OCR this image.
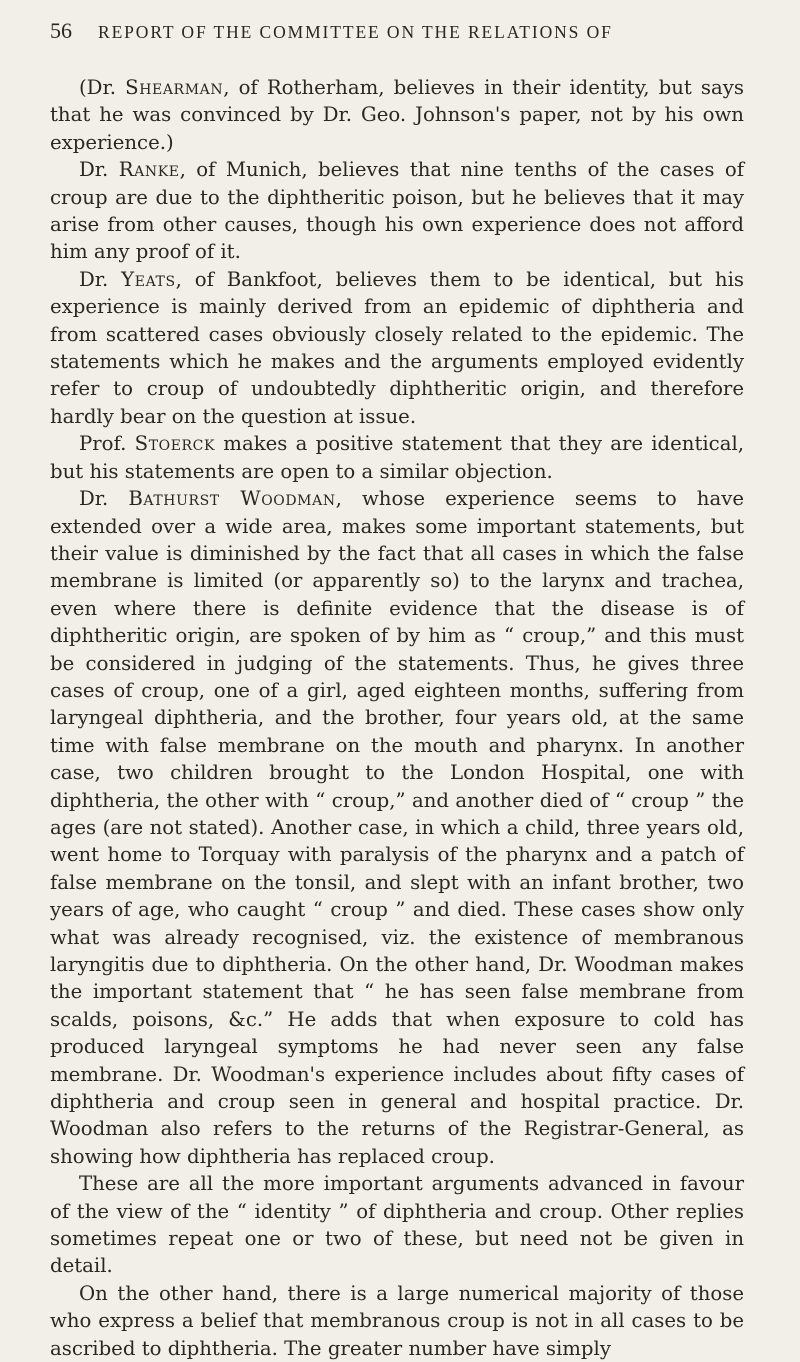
56	REPORT OF THE COMMITTEE ON THE RELATIONS OF

(Dr. Shearman, of Rotherham, believes in their identity, but says that he was convinced by Dr. Geo. Johnson's paper, not by his own experience.)

Dr. Ranke, of Munich, believes that nine tenths of the cases of croup are due to the diphtheritic poison, but he believes that it may arise from other causes, though his own experience does not afford him any proof of it.

Dr. Yeats, of Bankfoot, believes them to be identical, but his experience is mainly derived from an epidemic of diphtheria and from scattered cases obviously closely related to the epidemic. The statements which he makes and the arguments employed evidently refer to croup of undoubtedly diphtheritic origin, and therefore hardly bear on the question at issue.

Prof. Stoerck makes a positive statement that they are identical, but his statements are open to a similar objection.

Dr. Bathurst Woodman, whose experience seems to have extended over a wide area, makes some important statements, but their value is diminished by the fact that all cases in which the false membrane is limited (or apparently so) to the larynx and trachea, even where there is definite evidence that the disease is of diphtheritic origin, are spoken of by him as “ croup,” and this must be considered in judging of the statements. Thus, he gives three cases of croup, one of a girl, aged eighteen months, suffering from laryngeal diphtheria, and the brother, four years old, at the same time with false membrane on the mouth and pharynx. In another case, two children brought to the London Hospital, one with diphtheria, the other with “ croup,” and another died of “ croup ” the ages (are not stated). Another case, in which a child, three years old, went home to Torquay with paralysis of the pharynx and a patch of false membrane on the tonsil, and slept with an infant brother, two years of age, who caught “ croup ” and died. These cases show only what was already recognised, viz. the existence of membranous laryngitis due to diphtheria. On the other hand, Dr. Woodman makes the important statement that “ he has seen false membrane from scalds, poisons, &c.” He adds that when exposure to cold has produced laryngeal symptoms he had never seen any false membrane. Dr. Woodman's experience includes about fifty cases of diphtheria and croup seen in general and hospital practice. Dr. Woodman also refers to the returns of the Registrar-General, as showing how diphtheria has replaced croup.

These are all the more important arguments advanced in favour of the view of the “ identity ” of diphtheria and croup. Other replies sometimes repeat one or two of these, but need not be given in detail.

On the other hand, there is a large numerical majority of those who express a belief that membranous croup is not in all cases to be ascribed to diphtheria. The greater number have simply
